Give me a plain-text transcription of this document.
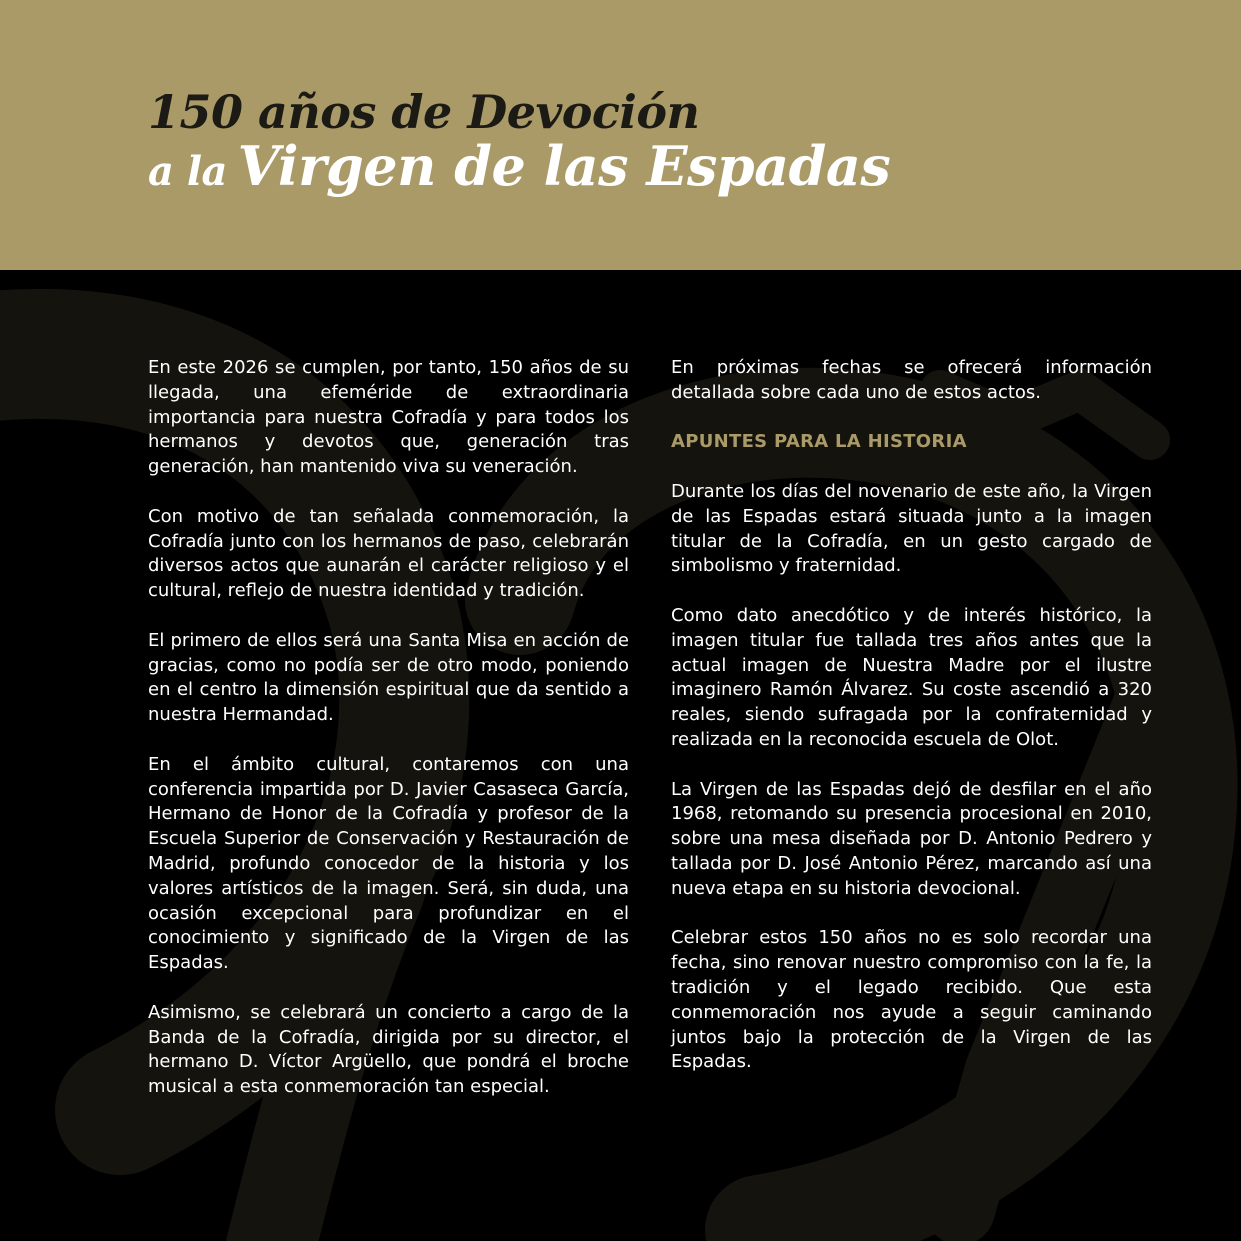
150 años de Devoción
a la Virgen de las Espadas

En este 2026 se cumplen, por tanto, 150 años de su llegada, una efeméride de extraordinaria importancia para nuestra Cofradía y para todos los hermanos y devotos que, generación tras generación, han mantenido viva su veneración.

Con motivo de tan señalada conmemoración, la Cofradía junto con los hermanos de paso, celebrarán diversos actos que aunarán el carácter religioso y el cultural, reflejo de nuestra identidad y tradición.

El primero de ellos será una Santa Misa en acción de gracias, como no podía ser de otro modo, poniendo en el centro la dimensión espiritual que da sentido a nuestra Hermandad.

En el ámbito cultural, contaremos con una conferencia impartida por D. Javier Casaseca García, Hermano de Honor de la Cofradía y profesor de la Escuela Superior de Conservación y Restauración de Madrid, profundo conocedor de la historia y los valores artísticos de la imagen. Será, sin duda, una ocasión excepcional para profundizar en el conocimiento y significado de la Virgen de las Espadas.

Asimismo, se celebrará un concierto a cargo de la Banda de la Cofradía, dirigida por su director, el hermano D. Víctor Argüello, que pondrá el broche musical a esta conmemoración tan especial.

En próximas fechas se ofrecerá información detallada sobre cada uno de estos actos.

APUNTES PARA LA HISTORIA

Durante los días del novenario de este año, la Virgen de las Espadas estará situada junto a la imagen titular de la Cofradía, en un gesto cargado de simbolismo y fraternidad.

Como dato anecdótico y de interés histórico, la imagen titular fue tallada tres años antes que la actual imagen de Nuestra Madre por el ilustre imaginero Ramón Álvarez. Su coste ascendió a 320 reales, siendo sufragada por la confraternidad y realizada en la reconocida escuela de Olot.

La Virgen de las Espadas dejó de desfilar en el año 1968, retomando su presencia procesional en 2010, sobre una mesa diseñada por D. Antonio Pedrero y tallada por D. José Antonio Pérez, marcando así una nueva etapa en su historia devocional.

Celebrar estos 150 años no es solo recordar una fecha, sino renovar nuestro compromiso con la fe, la tradición y el legado recibido. Que esta conmemoración nos ayude a seguir caminando juntos bajo la protección de la Virgen de las Espadas.
